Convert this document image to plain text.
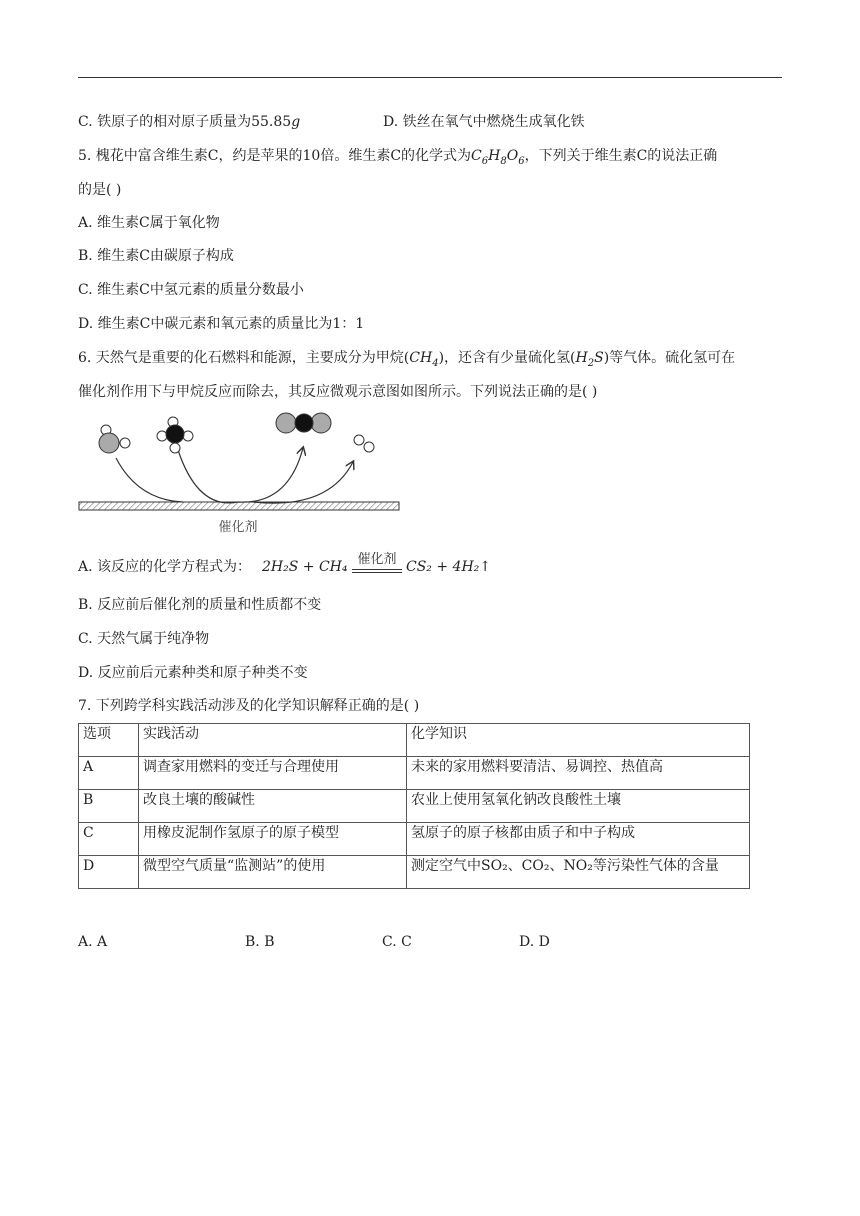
C. 铁原子的相对原子质量为55.85g	D. 铁丝在氧气中燃烧生成氧化铁
5. 槐花中富含维生素C，约是苹果的10倍。维生素C的化学式为$C_6H_8O_6$，下列关于维生素C的说法正确
的是( )
A. 维生素C属于氧化物
B. 维生素C由碳原子构成
C. 维生素C中氢元素的质量分数最小
D. 维生素C中碳元素和氧元素的质量比为1：1
6. 天然气是重要的化石燃料和能源，主要成分为甲烷$(CH_4)$，还含有少量硫化氢$(H_2S)$等气体。硫化氢可在
催化剂作用下与甲烷反应而除去，其反应微观示意图如图所示。下列说法正确的是( )
催化剂
A. 该反应的化学方程式为： 2H₂S + CH₄
催化剂
CS₂ + 4H₂↑
B. 反应前后催化剂的质量和性质都不变
C. 天然气属于纯净物
D. 反应前后元素种类和原子种类不变
7. 下列跨学科实践活动涉及的化学知识解释正确的是( )
选项	实践活动	化学知识
A	调查家用燃料的变迁与合理使用	未来的家用燃料要清洁、易调控、热值高
B	改良土壤的酸碱性	农业上使用氢氧化钠改良酸性土壤
C	用橡皮泥制作氢原子的原子模型	氢原子的原子核都由质子和中子构成
D	微型空气质量“监测站”的使用	测定空气中SO₂、CO₂、NO₂等污染性气体的含量
A. A	B. B	C. C	D. D
